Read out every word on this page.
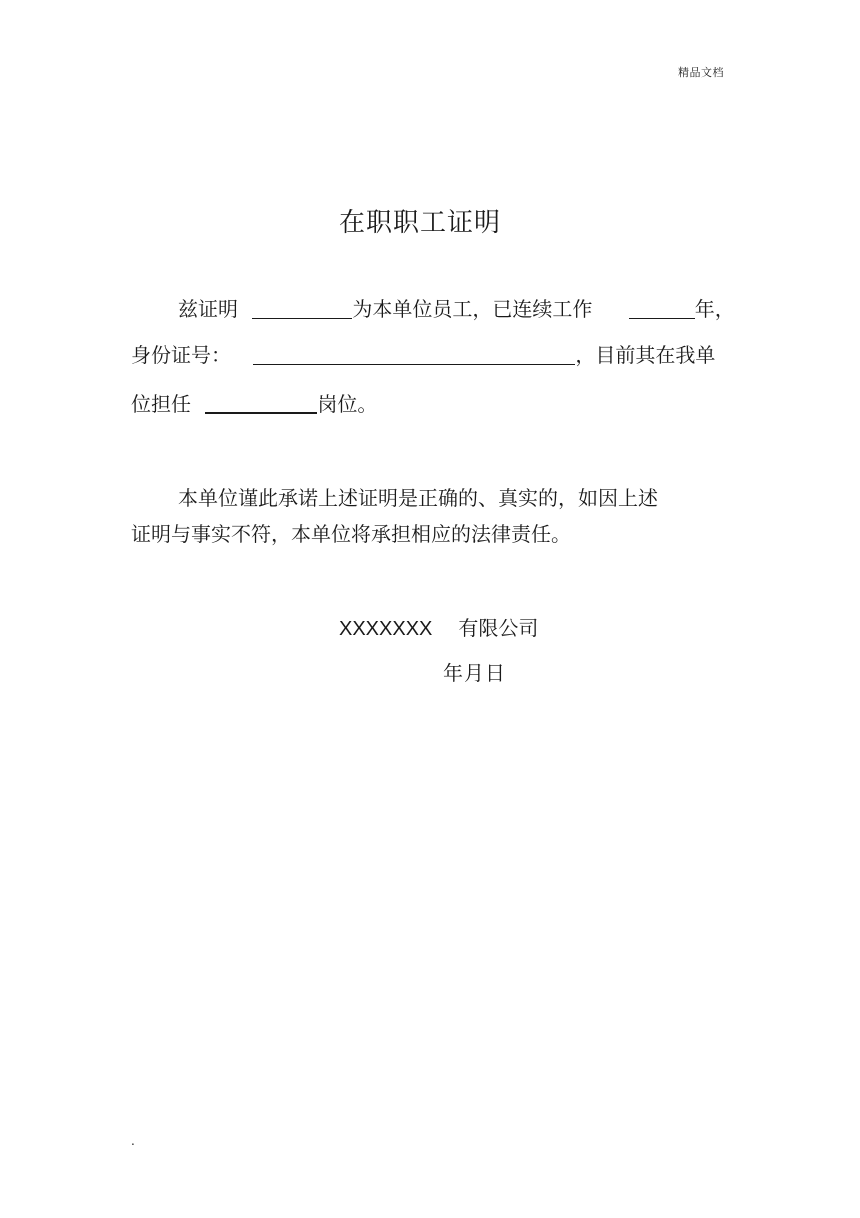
精品文档
在职职工证明
兹证明	为本单位员工，已连续工作	年，
身份证号：	，目前其在我单
位担任	岗位。
本单位谨此承诺上述证明是正确的、真实的，如因上述
证明与事实不符，本单位将承担相应的法律责任。
XXXXXXX 有限公司
年月日
.
